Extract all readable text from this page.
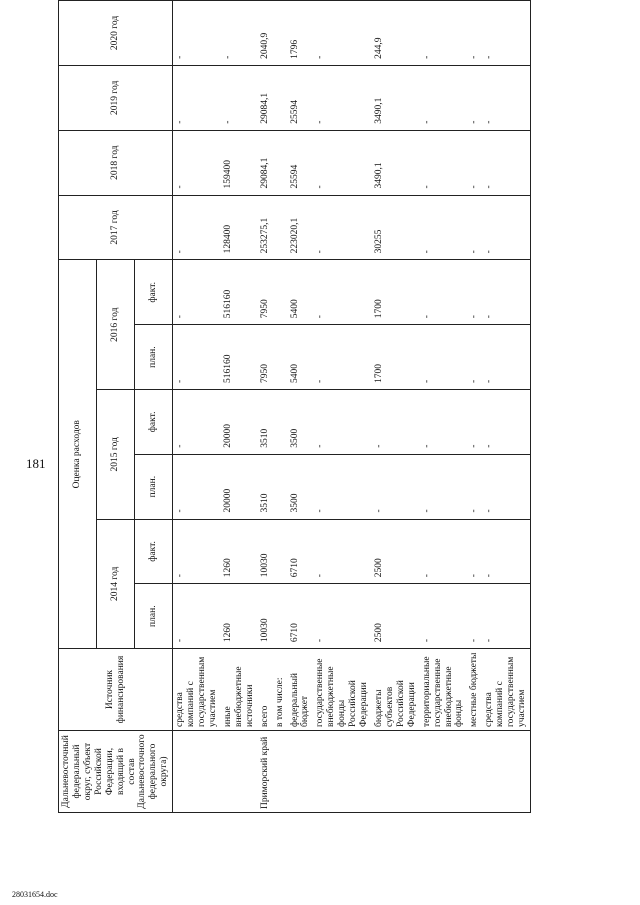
181
28031654.doc
Дальневосточный федеральный округ, субъект Российской Федерации, входящий в состав Дальневосточного федерального округа)	Источник финансирования	Оценка расходов						2017 год	2018 год	2019 год	2020 год
		2014 год		2015 год		2016 год					
		план.	факт.	план.	факт.	план.	факт.				
	средства компаний с государственным участием	-	-	-	-	-	-	-	-	-	-
	иные внебюджетные источники	1260	1260	20000	20000	516160	516160	128400	159400	-	-
Приморский край	всего	10030	10030	3510	3510	7950	7950	253275,1	29084,1	29084,1	2040,9
	в том числе:										
	федеральный бюджет	6710	6710	3500	3500	5400	5400	223020,1	25594	25594	1796
	государственные внебюджетные фонды Российской Федерации	-	-	-	-	-	-	-	-	-	-
	бюджеты субъектов Российской Федерации	2500	2500	-	-	1700	1700	30255	3490,1	3490,1	244,9
	территориальные государственные внебюджетные фонды	-	-	-	-	-	-	-	-	-	-
	местные бюджеты	-	-	-	-	-	-	-	-	-	-
	средства компаний с государственным участием	-	-	-	-	-	-	-	-	-	-
